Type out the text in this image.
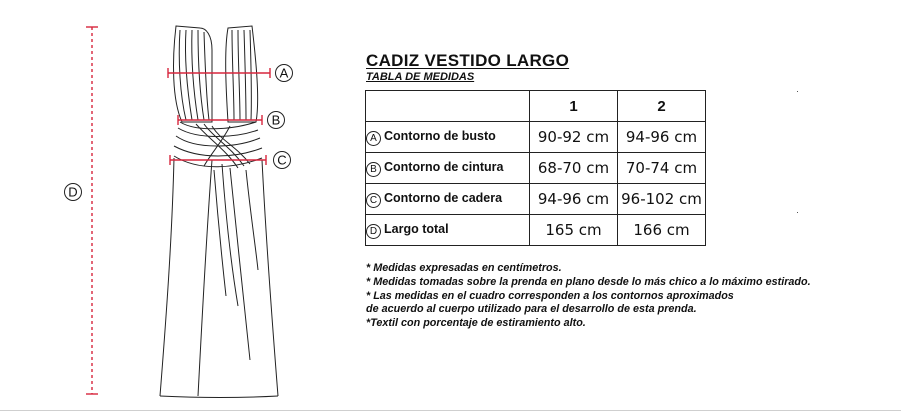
A
B
C
D
CADIZ VESTIDO LARGO

TABLA DE MEDIDAS

	1	2
A Contorno de busto	90-92 cm	94-96 cm
B Contorno de cintura	68-70 cm	70-74 cm
C Contorno de cadera	94-96 cm	96-102 cm
D Largo total	165 cm	166 cm
* Medidas expresadas en centímetros.
* Medidas tomadas sobre la prenda en plano desde lo más chico a lo máximo estirado.
* Las medidas en el cuadro corresponden a los contornos aproximados
de acuerdo al cuerpo utilizado para el desarrollo de esta prenda.
*Textil con porcentaje de estiramiento alto.
